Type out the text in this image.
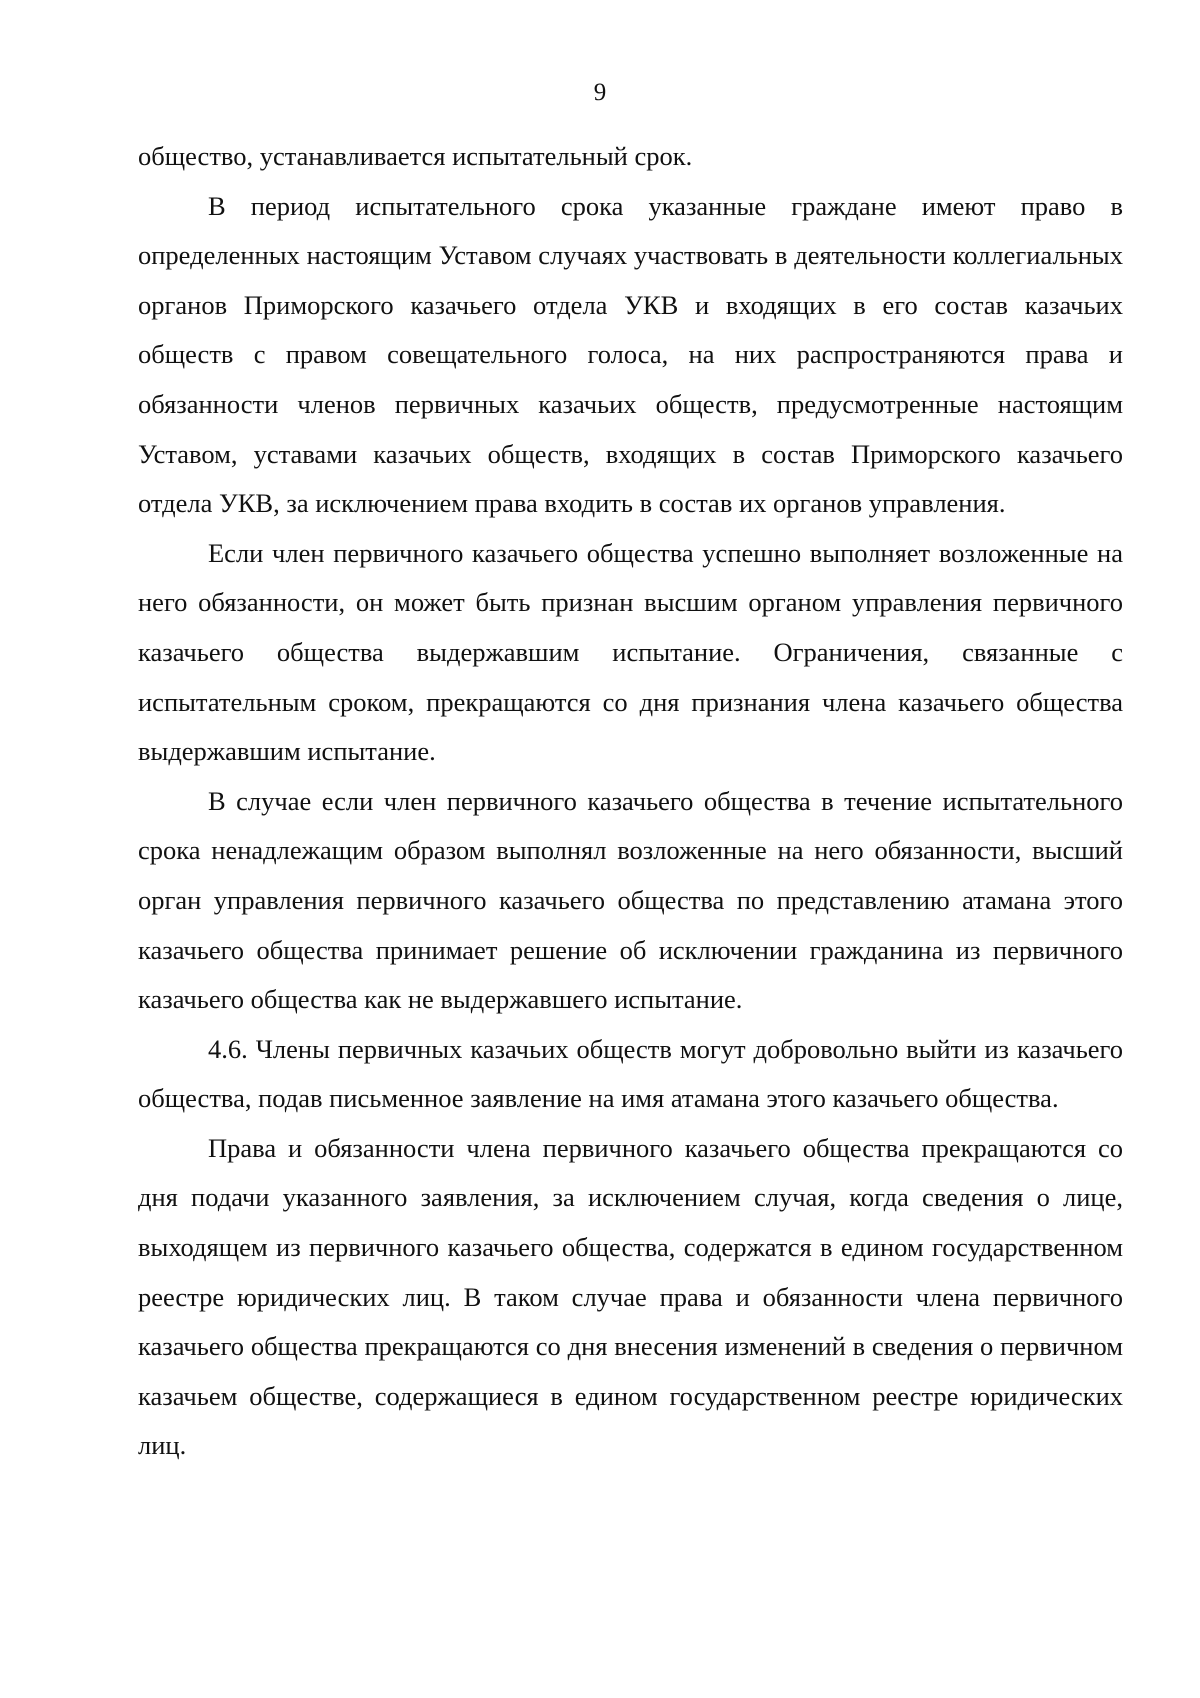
9

общество, устанавливается испытательный срок.

В период испытательного срока указанные граждане имеют право в определенных настоящим Уставом случаях участвовать в деятельности коллегиальных органов Приморского казачьего отдела УКВ и входящих в его состав казачьих обществ с правом совещательного голоса, на них распространяются права и обязанности членов первичных казачьих обществ, предусмотренные настоящим Уставом, уставами казачьих обществ, входящих в состав Приморского казачьего отдела УКВ, за исключением права входить в состав их органов управления.

Если член первичного казачьего общества успешно выполняет возложенные на него обязанности, он может быть признан высшим органом управления первичного казачьего общества выдержавшим испытание. Ограничения, связанные с испытательным сроком, прекращаются со дня признания члена казачьего общества выдержавшим испытание.

В случае если член первичного казачьего общества в течение испытательного срока ненадлежащим образом выполнял возложенные на него обязанности, высший орган управления первичного казачьего общества по представлению атамана этого казачьего общества принимает решение об исключении гражданина из первичного казачьего общества как не выдержавшего испытание.

4.6. Члены первичных казачьих обществ могут добровольно выйти из казачьего общества, подав письменное заявление на имя атамана этого казачьего общества.

Права и обязанности члена первичного казачьего общества прекращаются со дня подачи указанного заявления, за исключением случая, когда сведения о лице, выходящем из первичного казачьего общества, содержатся в едином государственном реестре юридических лиц. В таком случае права и обязанности члена первичного казачьего общества прекращаются со дня внесения изменений в сведения о первичном казачьем обществе, содержащиеся в едином государственном реестре юридических лиц.
